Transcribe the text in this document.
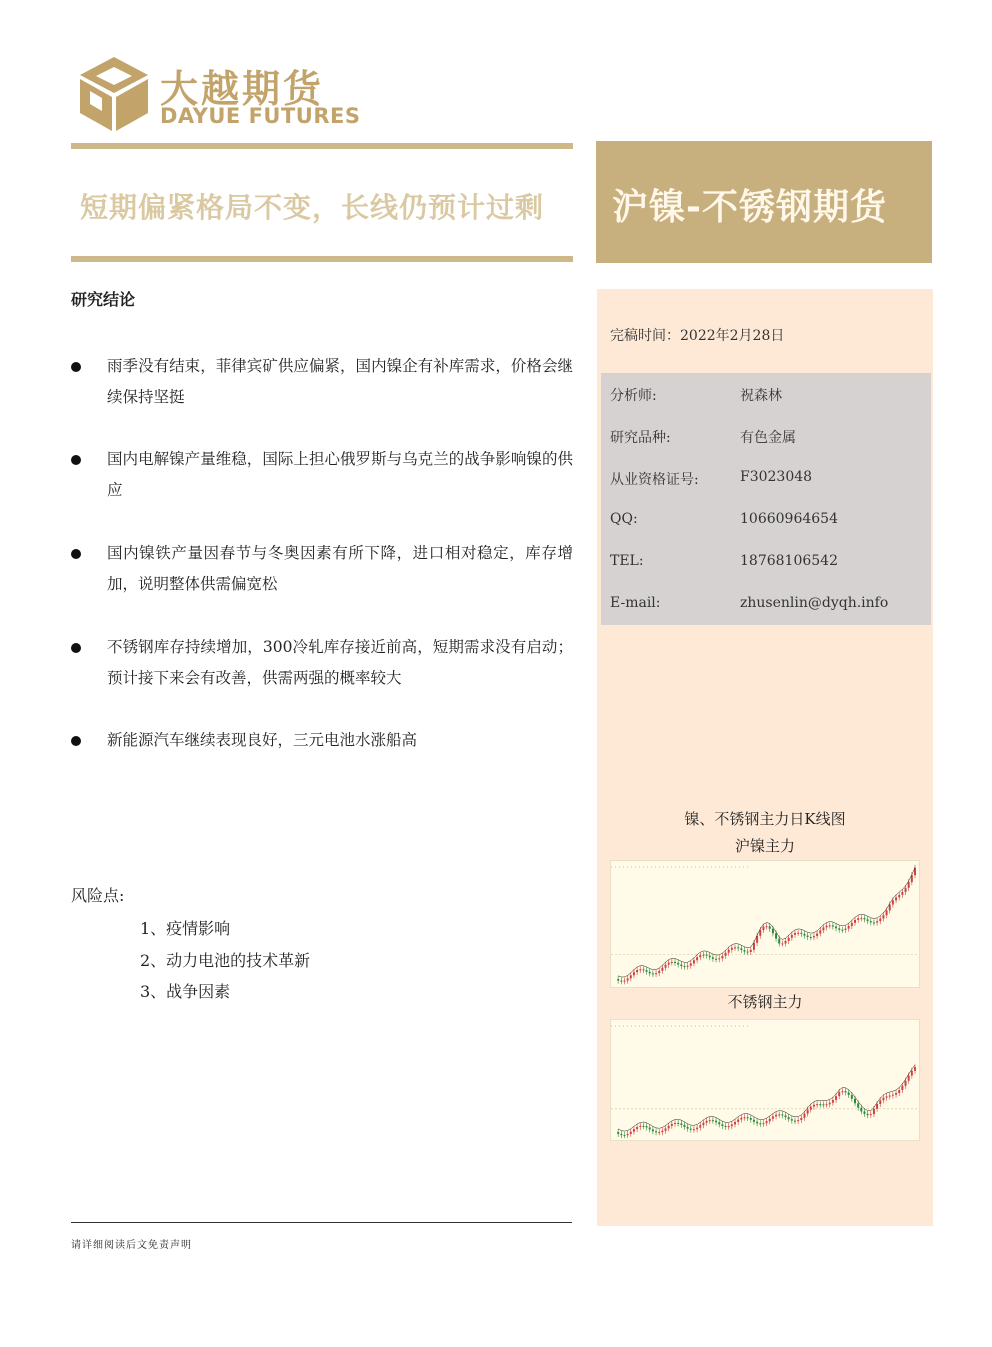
大越期货
DAYUE FUTURES
短期偏紧格局不变，长线仍预计过剩 沪镍-不锈钢期货
研究结论
雨季没有结束，菲律宾矿供应偏紧，国内镍企有补库需求，价格会继续保持坚挺
国内电解镍产量维稳，国际上担心俄罗斯与乌克兰的战争影响镍的供应
国内镍铁产量因春节与冬奥因素有所下降，进口相对稳定，库存增加，说明整体供需偏宽松
不锈钢库存持续增加，300冷轧库存接近前高，短期需求没有启动；预计接下来会有改善，供需两强的概率较大
新能源汽车继续表现良好，三元电池水涨船高
风险点:
1、疫情影响
2、动力电池的技术革新
3、战争因素
请详细阅读后文免责声明
完稿时间：2022年2月28日
分析师:	祝森林
研究品种:	有色金属
从业资格证号:	F3023048
QQ:	10660964654
TEL:	18768106542
E-mail:	zhusenlin@dyqh.info
镍、不锈钢主力日K线图
沪镍主力
不锈钢主力
